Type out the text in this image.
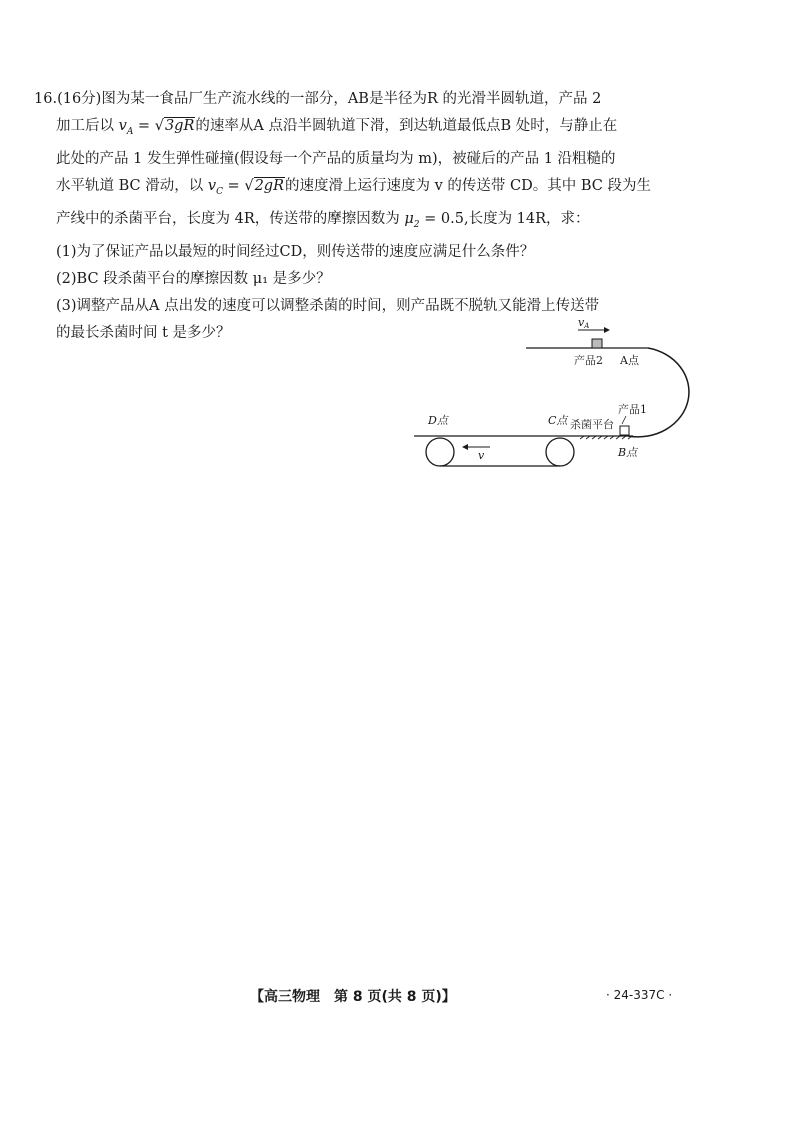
16.(16分)图为某一食品厂生产流水线的一部分，AB是半径为R 的光滑半圆轨道，产品 2
加工后以 $v_A = √3gR$的速率从A 点沿半圆轨道下滑，到达轨道最低点B 处时，与静止在
此处的产品 1 发生弹性碰撞(假设每一个产品的质量均为 m)，被碰后的产品 1 沿粗糙的
水平轨道 BC 滑动，以 $v_C = √2gR$的速度滑上运行速度为 v 的传送带 CD。其中 BC 段为生
产线中的杀菌平台，长度为 4R，传送带的摩擦因数为 $\mu_2 = 0.5$,长度为 14R，求：
(1)为了保证产品以最短的时间经过CD，则传送带的速度应满足什么条件？
(2)BC 段杀菌平台的摩擦因数 μ₁ 是多少？
(3)调整产品从A 点出发的速度可以调整杀菌的时间，则产品既不脱轨又能滑上传送带
的最长杀菌时间 t 是多少？
vA
产品2 A点
产品1
D点	C点 杀菌平台
B点
v
【高三物理　第 8 页(共 8 页)】	· 24-337C ·
